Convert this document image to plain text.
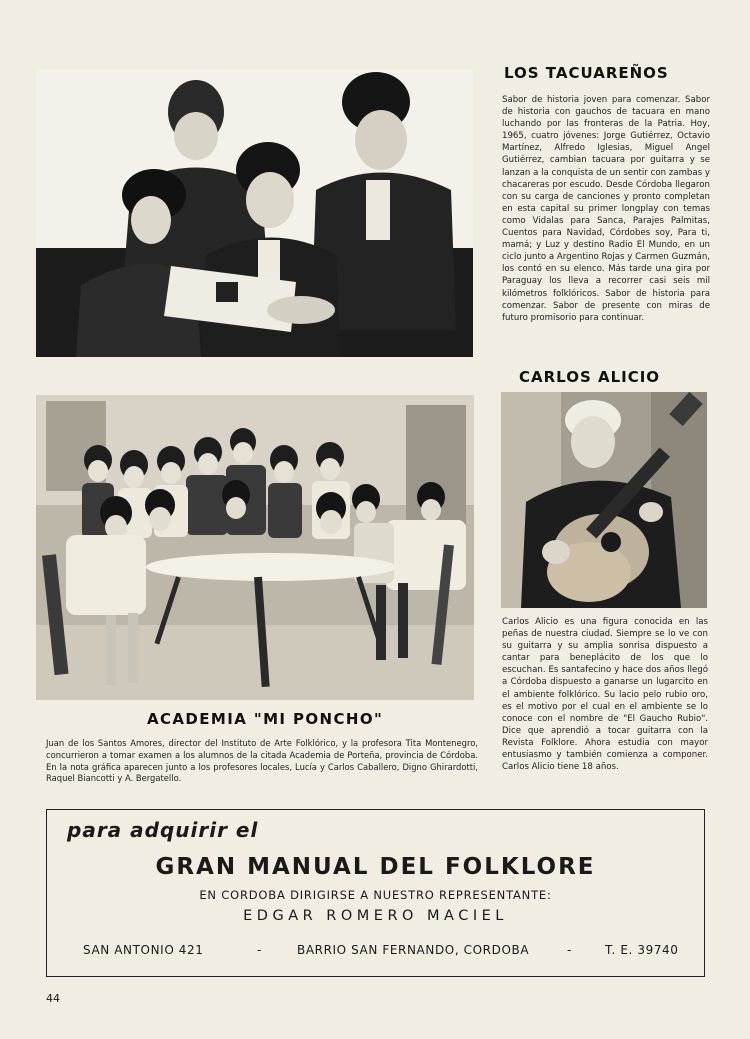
LOS TACUAREÑOS

Sabor de historia joven para comenzar. Sabor de historia con gauchos de tacuara en mano luchando por las fronteras de la Patria. Hoy, 1965, cuatro jóvenes: Jorge Gutiérrez, Octavio Martínez, Alfredo Iglesias, Miguel Angel Gutiérrez, cambian tacuara por guitarra y se lanzan a la conquista de un sentir con zambas y chacareras por escudo. Desde Córdoba llegaron con su carga de canciones y pronto completan en esta capital su primer longplay con temas como Vidalas para Sanca, Parajes Palmitas, Cuentos para Navidad, Córdobes soy, Para ti, mamá; y Luz y destino Radio El Mundo, en un ciclo junto a Argentino Rojas y Carmen Guzmán, los contó en su elenco. Más tarde una gira por Paraguay los lleva a recorrer casi seis mil kilómetros folklóricos. Sabor de historia para comenzar. Sabor de presente con miras de futuro promisorio para continuar.

CARLOS ALICIO

Carlos Alicio es una figura conocida en las peñas de nuestra ciudad. Siempre se lo ve con su guitarra y su amplia sonrisa dispuesto a cantar para beneplácito de los que lo escuchan. Es santafecino y hace dos años llegó a Córdoba dispuesto a ganarse un lugarcito en el ambiente folklórico. Su lacio pelo rubio oro, es el motivo por el cual en el ambiente se lo conoce con el nombre de "El Gaucho Rubio". Dice que aprendió a tocar guitarra con la Revista Folklore. Ahora estudia con mayor entusiasmo y también comienza a componer. Carlos Alicio tiene 18 años.

ACADEMIA "MI PONCHO"

Juan de los Santos Amores, director del Instituto de Arte Folklórico, y la profesora Tita Montenegro, concurrieron a tomar examen a los alumnos de la citada Academia de Porteña, provincia de Córdoba. En la nota gráfica aparecen junto a los profesores locales, Lucía y Carlos Caballero, Digno Ghirardotti, Raquel Biancotti y A. Bergatello.

para adquirir el
GRAN MANUAL DEL FOLKLORE
EN CORDOBA DIRIGIRSE A NUESTRO REPRESENTANTE:
EDGAR ROMERO MACIEL
SAN ANTONIO 421	-	BARRIO SAN FERNANDO, CORDOBA	-	T. E. 39740
44
